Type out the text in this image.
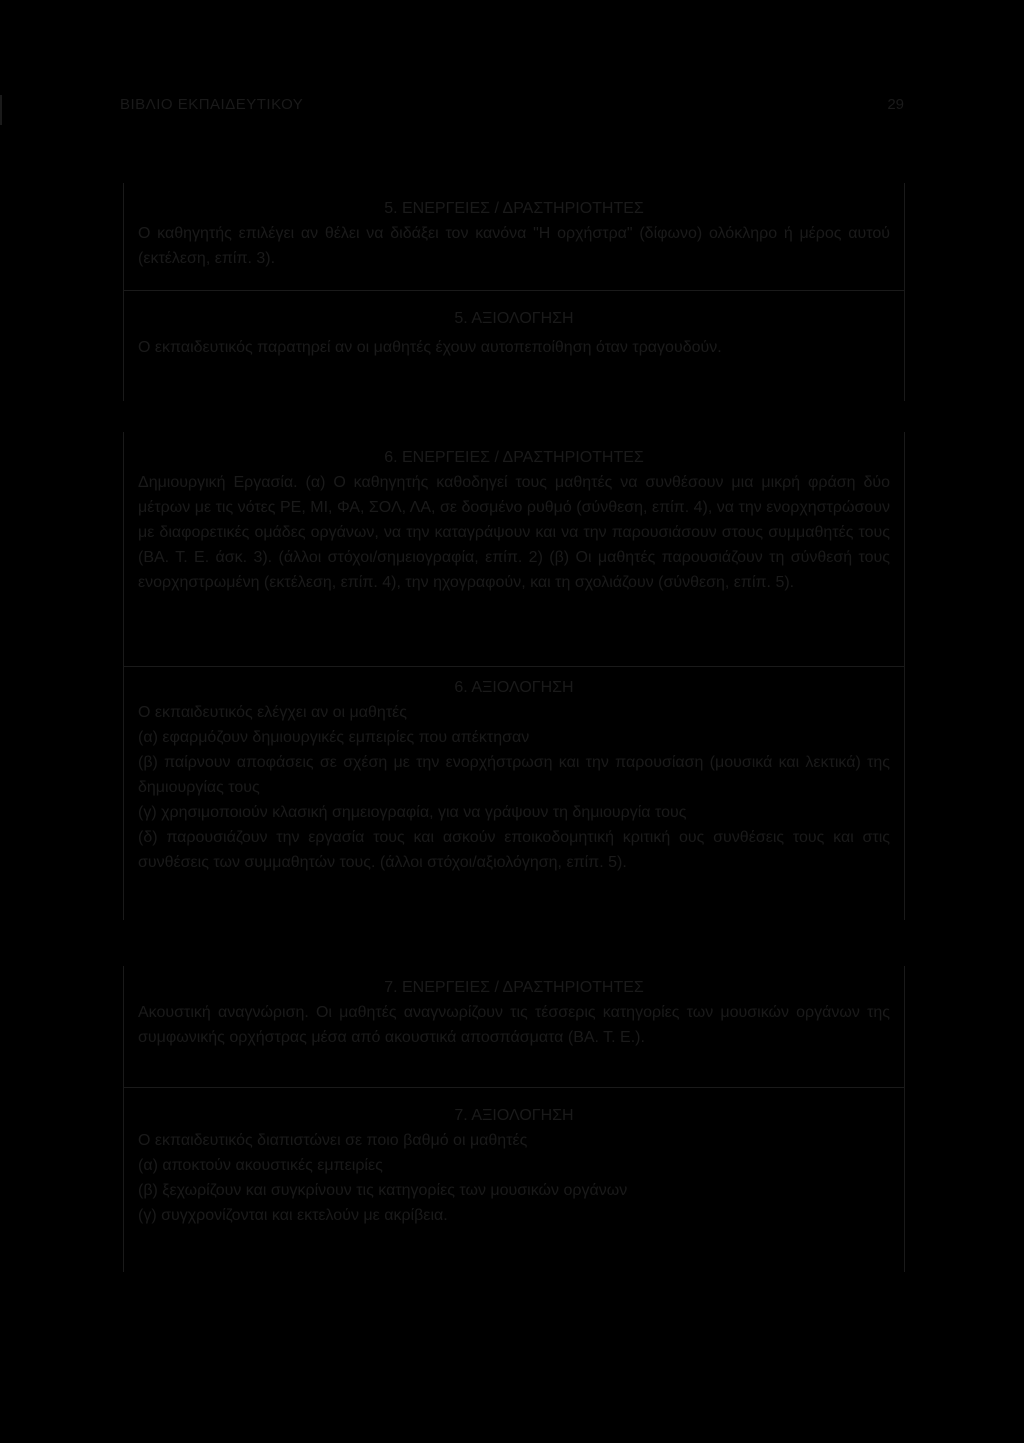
ΒΙΒΛΙΟ ΕΚΠΑΙΔΕΥΤΙΚΟΥ	29

5. ΕΝΕΡΓΕΙΕΣ / ΔΡΑΣΤΗΡΙΟΤΗΤΕΣ

Ο καθηγητής επιλέγει αν θέλει να διδάξει τον κανόνα "Η ορχήστρα" (δίφωνο) ολόκληρο ή μέρος αυτού (εκτέλεση, επίπ. 3).

5. ΑΞΙΟΛΟΓΗΣΗ

Ο εκπαιδευτικός παρατηρεί αν οι μαθητές έχουν αυτοπεποίθηση όταν τραγουδούν.

6. ΕΝΕΡΓΕΙΕΣ / ΔΡΑΣΤΗΡΙΟΤΗΤΕΣ

Δημιουργική Εργασία. (α) Ο καθηγητής καθοδηγεί τους μαθητές να συνθέσουν μια μικρή φράση δύο μέτρων με τις νότες ΡΕ, ΜΙ, ΦΑ, ΣΟΛ, ΛΑ, σε δοσμένο ρυθμό (σύνθεση, επίπ. 4), να την ενορχηστρώσουν με διαφορετικές ομάδες οργάνων, να την καταγράψουν και να την παρουσιάσουν στους συμμαθητές τους (ΒΑ. Τ. Ε. άσκ. 3). (άλλοι στόχοι/σημειογραφία, επίπ. 2) (β) Οι μαθητές παρουσιάζουν τη σύνθεσή τους ενορχηστρωμένη (εκτέλεση, επίπ. 4), την ηχογραφούν, και τη σχολιάζουν (σύνθεση, επίπ. 5).

6. ΑΞΙΟΛΟΓΗΣΗ

Ο εκπαιδευτικός ελέγχει αν οι μαθητές

(α) εφαρμόζουν δημιουργικές εμπειρίες που απέκτησαν

(β) παίρνουν αποφάσεις σε σχέση με την ενορχήστρωση και την παρουσίαση (μουσικά και λεκτικά) της δημιουργίας τους

(γ) χρησιμοποιούν κλασική σημειογραφία, για να γράψουν τη δημιουργία τους

(δ) παρουσιάζουν την εργασία τους και ασκούν εποικοδομητική κριτική ους συνθέσεις τους και στις συνθέσεις των συμμαθητών τους. (άλλοι στόχοι/αξιολόγηση, επίπ. 5).

7. ΕΝΕΡΓΕΙΕΣ / ΔΡΑΣΤΗΡΙΟΤΗΤΕΣ

Ακουστική αναγνώριση. Οι μαθητές αναγνωρίζουν τις τέσσερις κατηγορίες των μουσικών οργάνων της συμφωνικής ορχήστρας μέσα από ακουστικά αποσπάσματα (ΒΑ. Τ. Ε.).

7. ΑΞΙΟΛΟΓΗΣΗ

Ο εκπαιδευτικός διαπιστώνει σε ποιο βαθμό οι μαθητές

(α) αποκτούν ακουστικές εμπειρίες

(β) ξεχωρίζουν και συγκρίνουν τις κατηγορίες των μουσικών οργάνων

(γ) συγχρονίζονται και εκτελούν με ακρίβεια.
